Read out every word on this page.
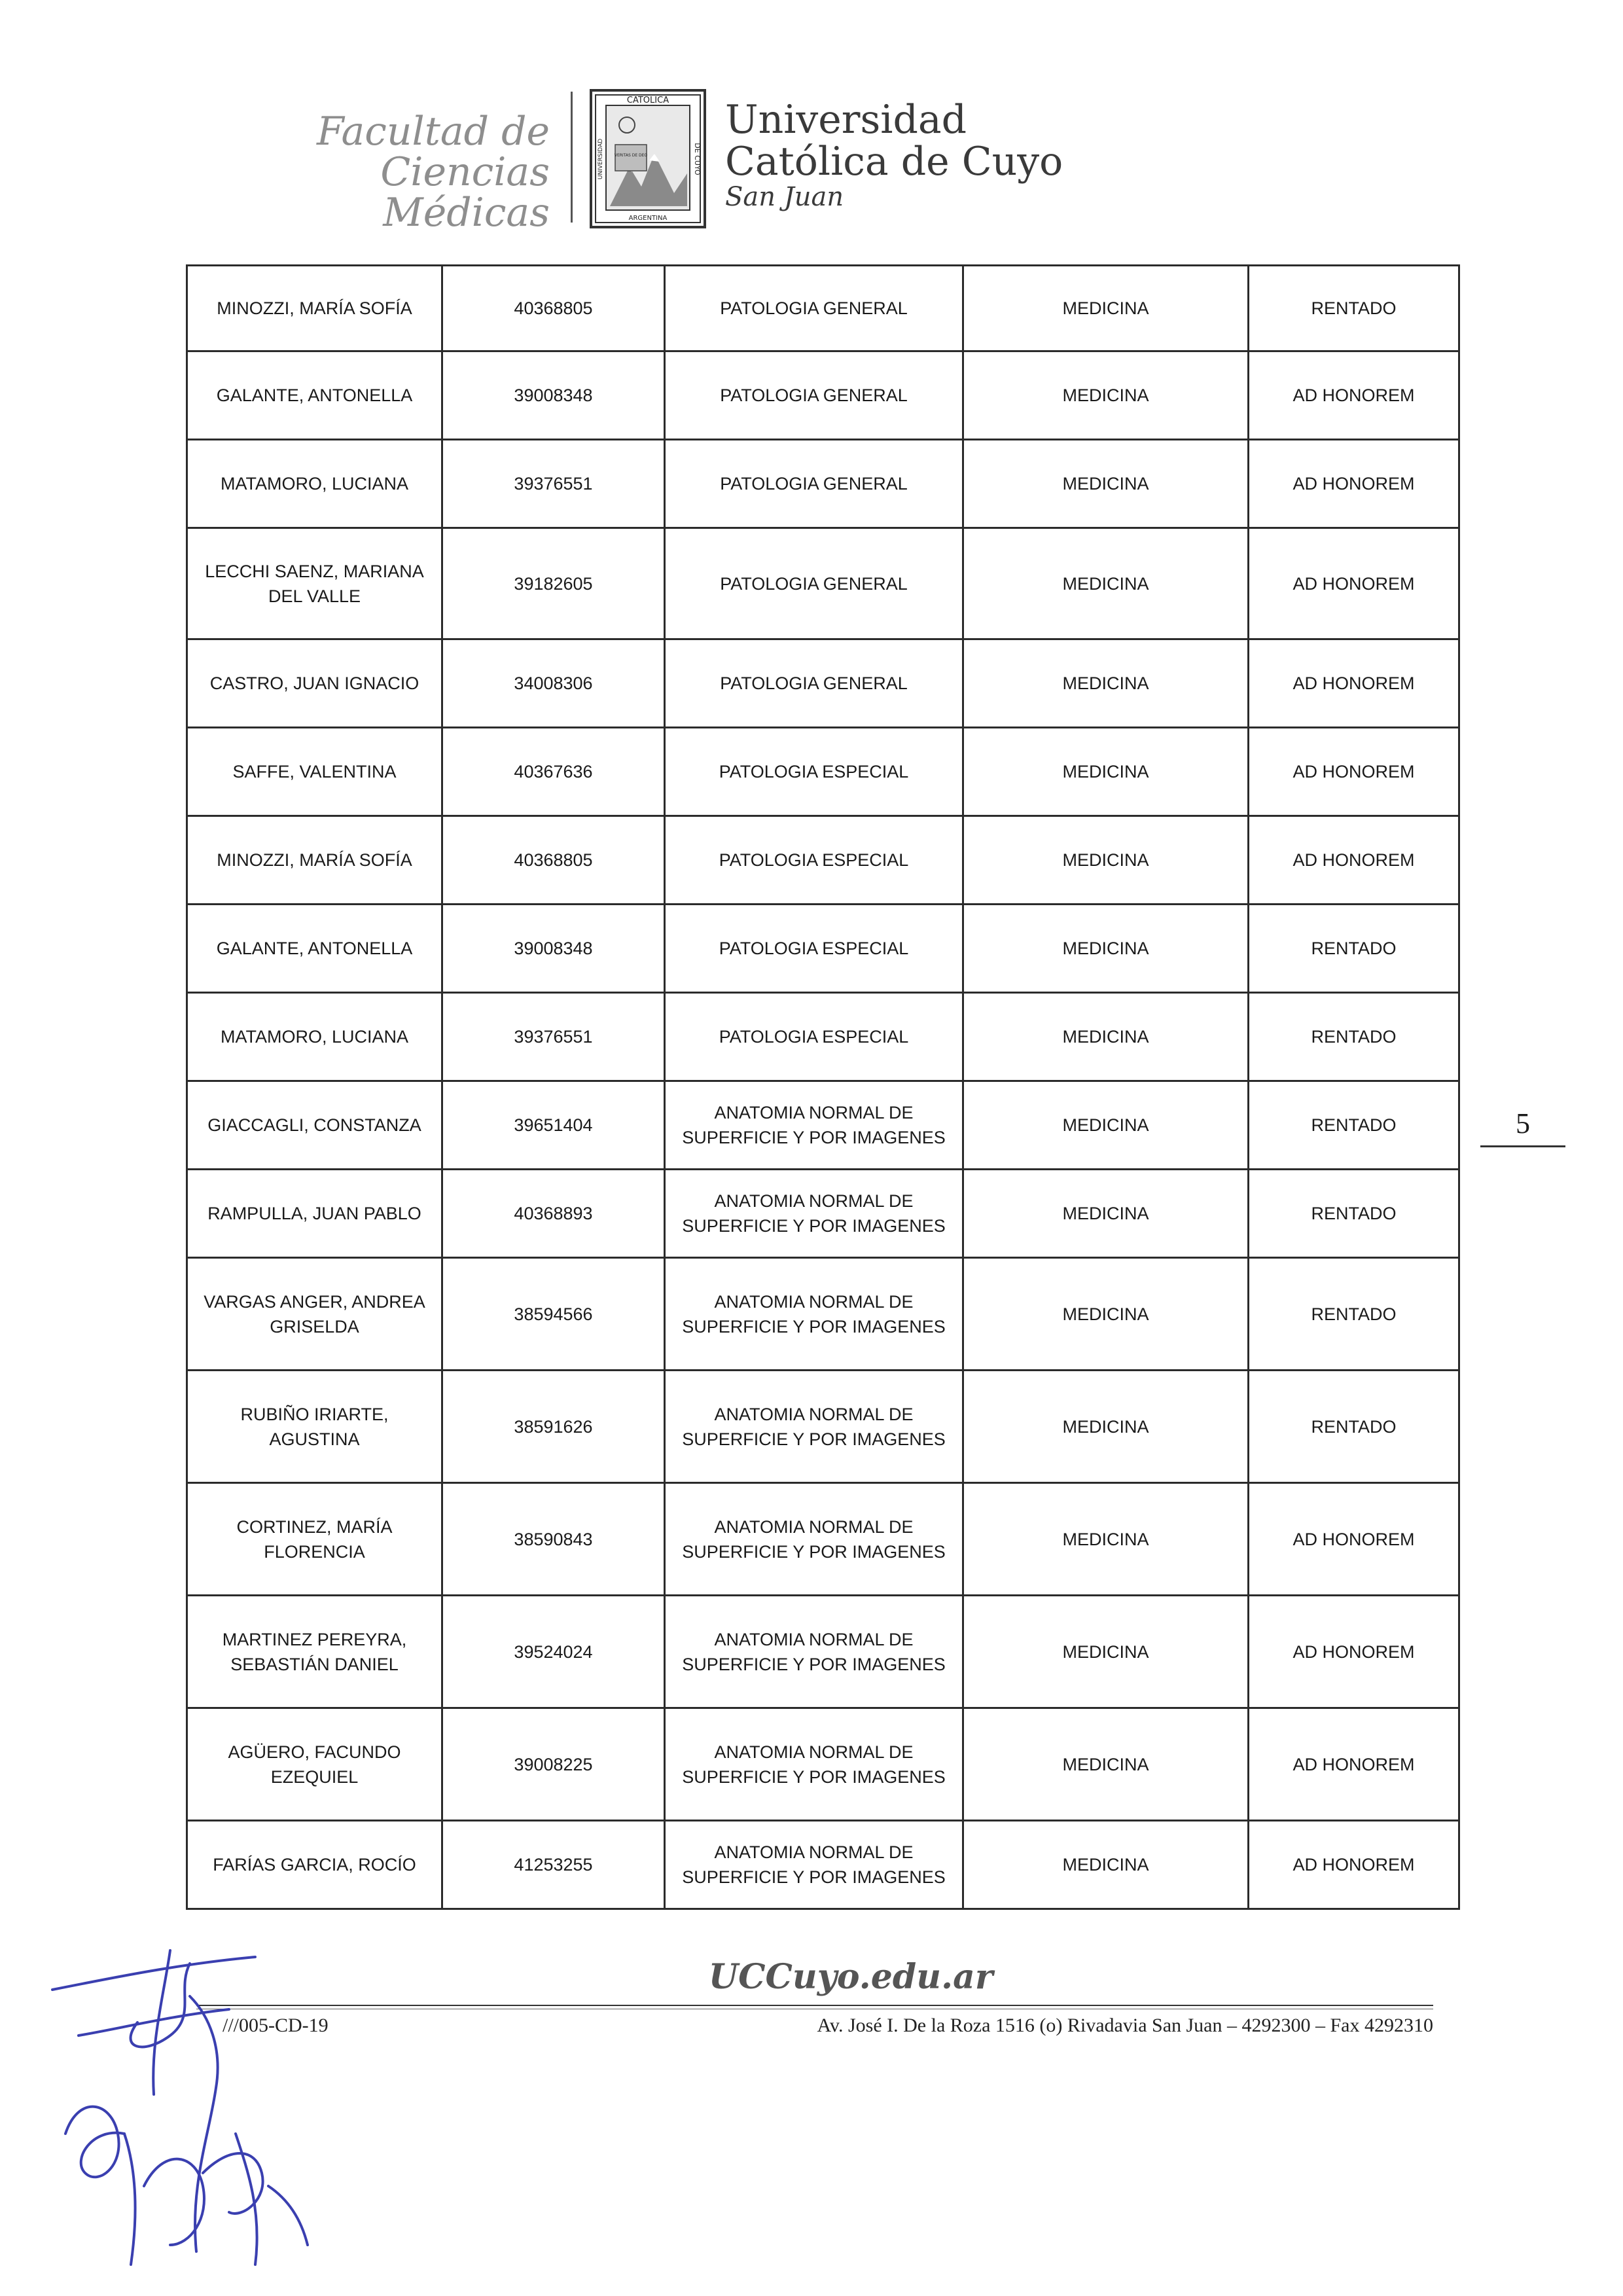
Facultad de Ciencias
Médicas
VERITAS DE DEO
CATOLICA
ARGENTINA
UNIVERSIDAD	DE CUYO
Universidad
Católica de Cuyo
San Juan
MINOZZI, MARÍA SOFÍA	40368805	PATOLOGIA GENERAL	MEDICINA	RENTADO
GALANTE, ANTONELLA	39008348	PATOLOGIA GENERAL	MEDICINA	AD HONOREM
MATAMORO, LUCIANA	39376551	PATOLOGIA GENERAL	MEDICINA	AD HONOREM
LECCHI SAENZ, MARIANA DEL VALLE	39182605	PATOLOGIA GENERAL	MEDICINA	AD HONOREM
CASTRO, JUAN IGNACIO	34008306	PATOLOGIA GENERAL	MEDICINA	AD HONOREM
SAFFE, VALENTINA	40367636	PATOLOGIA ESPECIAL	MEDICINA	AD HONOREM
MINOZZI, MARÍA SOFÍA	40368805	PATOLOGIA ESPECIAL	MEDICINA	AD HONOREM
GALANTE, ANTONELLA	39008348	PATOLOGIA ESPECIAL	MEDICINA	RENTADO
MATAMORO, LUCIANA	39376551	PATOLOGIA ESPECIAL	MEDICINA	RENTADO
GIACCAGLI, CONSTANZA	39651404	ANATOMIA NORMAL DE SUPERFICIE Y POR IMAGENES	MEDICINA	RENTADO
RAMPULLA, JUAN PABLO	40368893	ANATOMIA NORMAL DE SUPERFICIE Y POR IMAGENES	MEDICINA	RENTADO
VARGAS ANGER, ANDREA GRISELDA	38594566	ANATOMIA NORMAL DE SUPERFICIE Y POR IMAGENES	MEDICINA	RENTADO
RUBIÑO IRIARTE, AGUSTINA	38591626	ANATOMIA NORMAL DE SUPERFICIE Y POR IMAGENES	MEDICINA	RENTADO
CORTINEZ, MARÍA FLORENCIA	38590843	ANATOMIA NORMAL DE SUPERFICIE Y POR IMAGENES	MEDICINA	AD HONOREM
MARTINEZ PEREYRA, SEBASTIÁN DANIEL	39524024	ANATOMIA NORMAL DE SUPERFICIE Y POR IMAGENES	MEDICINA	AD HONOREM
AGÜERO, FACUNDO EZEQUIEL	39008225	ANATOMIA NORMAL DE SUPERFICIE Y POR IMAGENES	MEDICINA	AD HONOREM
FARÍAS GARCIA, ROCÍO	41253255	ANATOMIA NORMAL DE SUPERFICIE Y POR IMAGENES	MEDICINA	AD HONOREM
5
UCCuyo.edu.ar
///005-CD-19	Av. José I. De la Roza 1516 (o) Rivadavia San Juan – 4292300 – Fax 4292310
